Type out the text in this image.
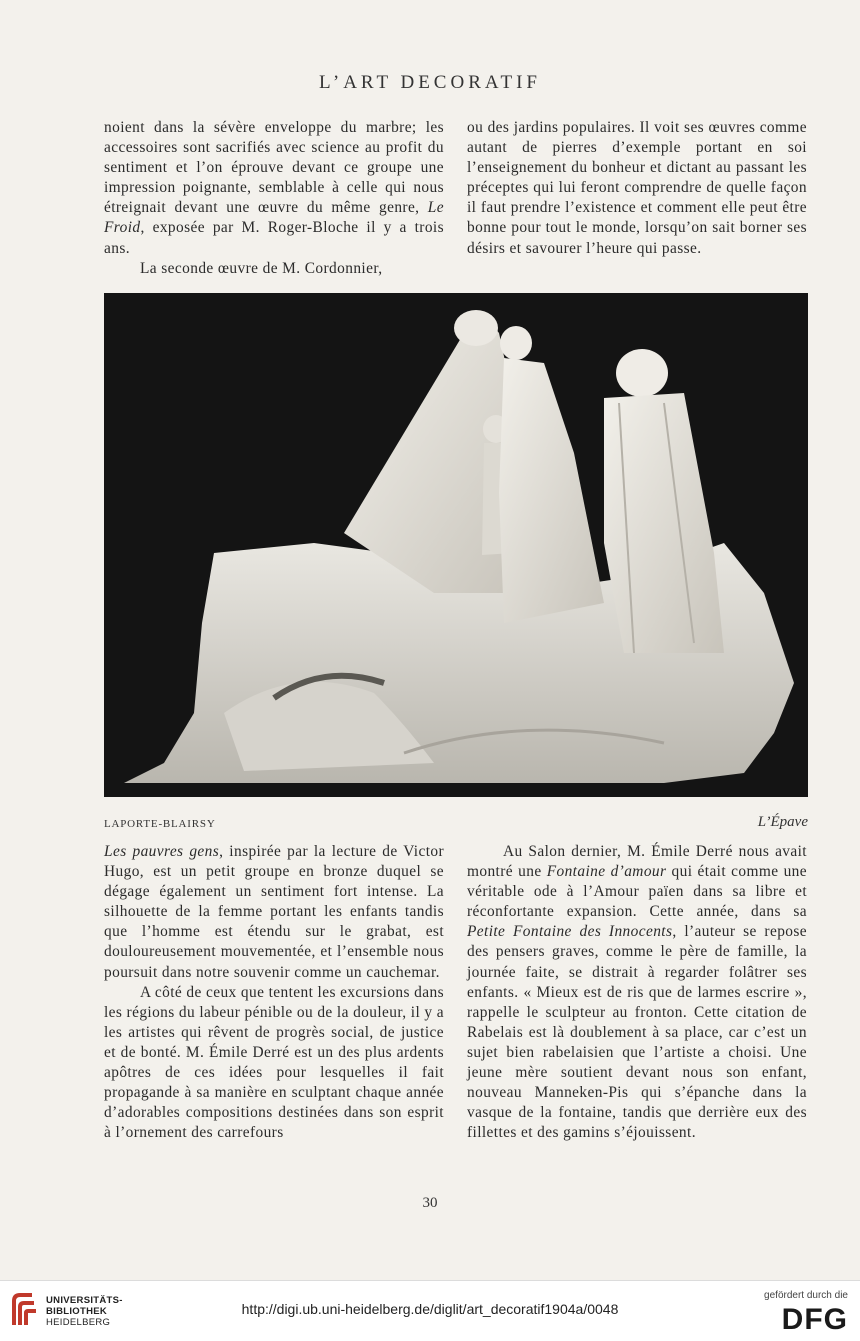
L’ART DECORATIF

noient dans la sévère enveloppe du marbre; les accessoires sont sacrifiés avec science au profit du sentiment et l’on éprouve devant ce groupe une impression poignante, semblable à celle qui nous étreignait devant une œuvre du même genre, Le Froid, exposée par M. Roger-Bloche il y a trois ans.

La seconde œuvre de M. Cordonnier,

ou des jardins populaires. Il voit ses œuvres comme autant de pierres d’exemple portant en soi l’enseignement du bonheur et dictant au passant les préceptes qui lui feront comprendre de quelle façon il faut prendre l’existence et comment elle peut être bonne pour tout le monde, lorsqu’on sait borner ses désirs et savourer l’heure qui passe.

LAPORTE-BLAIRSY	L’Épave

Les pauvres gens, inspirée par la lecture de Victor Hugo, est un petit groupe en bronze duquel se dégage également un sentiment fort intense. La silhouette de la femme portant les enfants tandis que l’homme est étendu sur le grabat, est douloureusement mouvementée, et l’ensemble nous poursuit dans notre souvenir comme un cauchemar.

A côté de ceux que tentent les excursions dans les régions du labeur pénible ou de la douleur, il y a les artistes qui rêvent de progrès social, de justice et de bonté. M. Émile Derré est un des plus ardents apôtres de ces idées pour lesquelles il fait propagande à sa manière en sculptant chaque année d’adorables compositions destinées dans son esprit à l’ornement des carrefours

Au Salon dernier, M. Émile Derré nous avait montré une Fontaine d’amour qui était comme une véritable ode à l’Amour païen dans sa libre et réconfortante expansion. Cette année, dans sa Petite Fontaine des Innocents, l’auteur se repose des pensers graves, comme le père de famille, la journée faite, se distrait à regarder folâtrer ses enfants. « Mieux est de ris que de larmes escrire », rappelle le sculpteur au fronton. Cette citation de Rabelais est là doublement à sa place, car c’est un sujet bien rabelaisien que l’artiste a choisi. Une jeune mère soutient devant nous son enfant, nouveau Manneken-Pis qui s’épanche dans la vasque de la fontaine, tandis que derrière eux des fillettes et des gamins s’éjouissent.

30
UNIVERSITÄTS-
BIBLIOTHEK
HEIDELBERG
http://digi.ub.uni-heidelberg.de/diglit/art_decoratif1904a/0048
gefördert durch die
DFG
